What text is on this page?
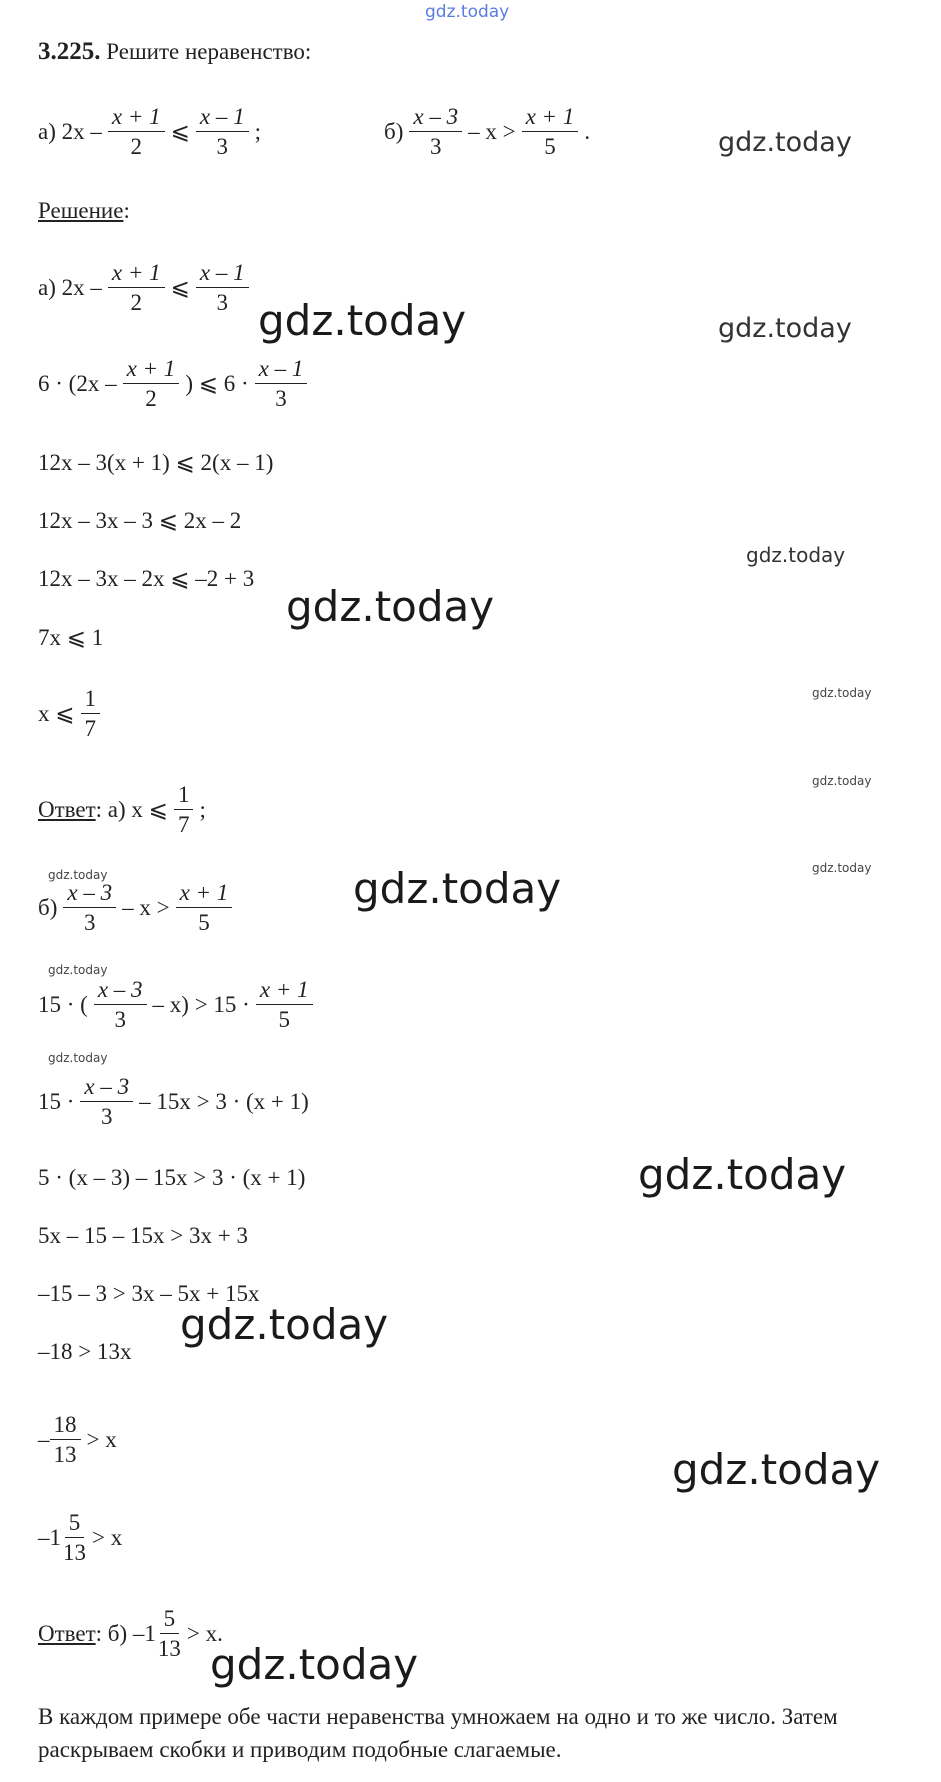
gdz.today
3.225.
Решите неравенство:
а) $2x - \frac{x + 1}{2}$ ⩽ $\frac{x - 1}{3}$ ;	$б) \frac{x - 3}{3} - x > \frac{x + 1}{5}$ .	gdz.today
Решение :
а) $2x - \frac{x + 1}{2}$ ⩽ $\frac{x - 1}{3}$
gdz.today	gdz.today
$6 \cdot (2x - \frac{x + 1}{2}$ ) ⩽ $6 \cdot \frac{x - 1}{3}$
12x – 3(x + 1) ⩽ 2(x – 1)
12x – 3x – 3 ⩽ 2x – 2
gdz.today
12x – 3x – 2x ⩽ –2 + 3
gdz.today
7x ⩽ 1
x ⩽ $\frac{1}{7}$	gdz.today
gdz.today
Ответ : а) x ⩽ $\frac{1}{7}$ ;
gdz.today
gdz.today
$б) \frac{x - 3}{3} - x > \frac{x + 1}{5}$	gdz.today
gdz.today
15 · ( $\frac{x - 3}{3} - x) > 15 \cdot \frac{x + 1}{5}$
gdz.today
$15 \cdot \frac{x - 3}{3} - 15x > 3 \cdot (x + 1)$
5 · (x – 3) – 15x > 3 · (x + 1)	gdz.today
5x – 15 – 15x > 3x + 3
–15 – 3 > 3x – 5x + 15x
gdz.today
–18 > 13x
– $\frac{18}{13} > x$
gdz.today
$-1 \frac{5}{13} > x$
Ответ : б) $-1 \frac{5}{13} > x$.
gdz.today
В каждом примере обе части неравенства умножаем на одно и то же число. Затем раскрываем скобки и приводим подобные слагаемые.
